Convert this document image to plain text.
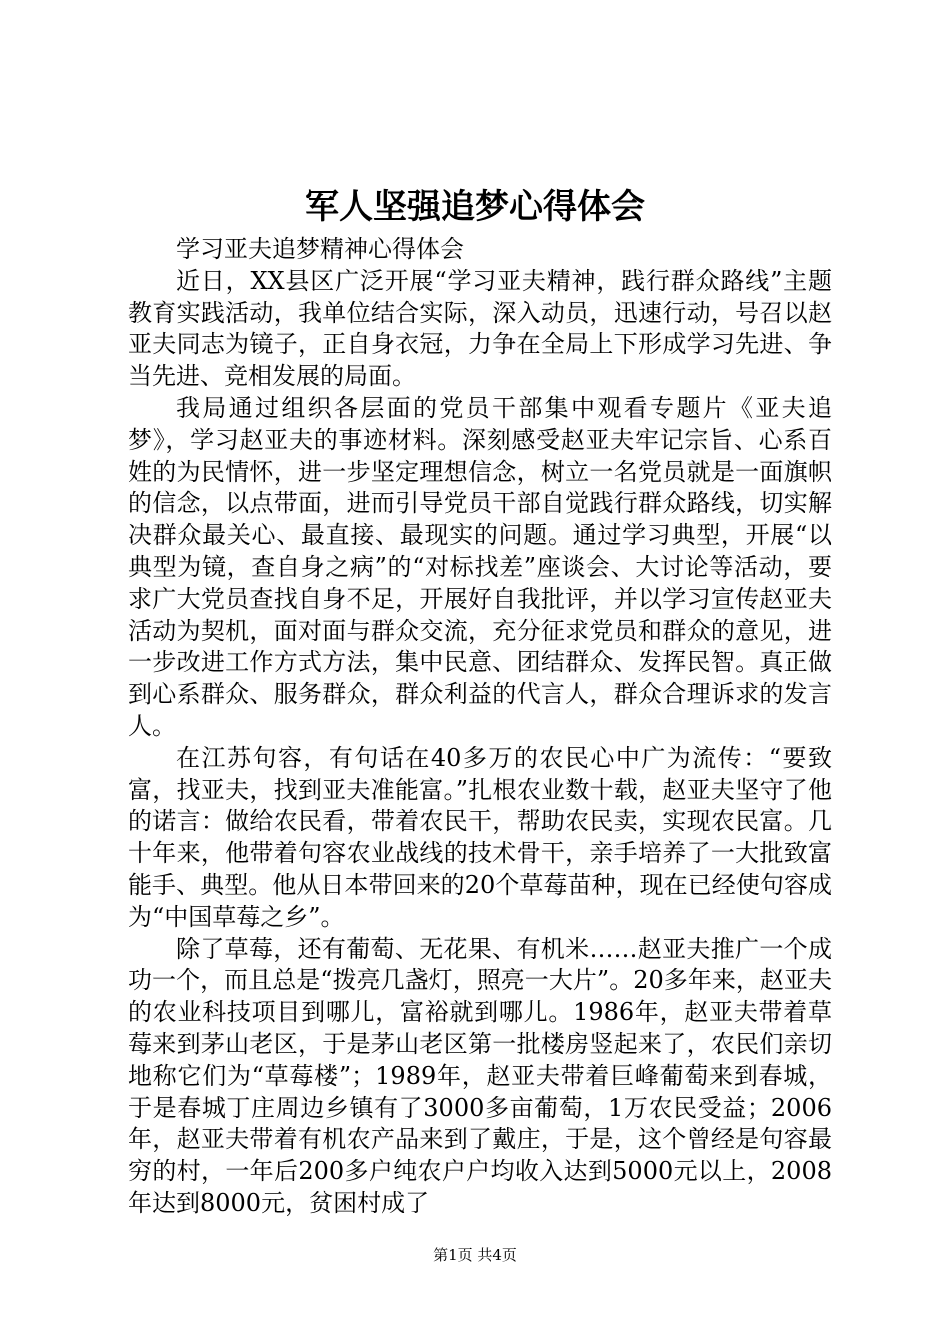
军人坚强追梦心得体会

学习亚夫追梦精神心得体会

近日，XX县区广泛开展“学习亚夫精神，践行群众路线”主题教育实践活动，我单位结合实际，深入动员，迅速行动，号召以赵亚夫同志为镜子，正自身衣冠，力争在全局上下形成学习先进、争当先进、竞相发展的局面。

我局通过组织各层面的党员干部集中观看专题片《亚夫追梦》，学习赵亚夫的事迹材料。深刻感受赵亚夫牢记宗旨、心系百姓的为民情怀，进一步坚定理想信念，树立一名党员就是一面旗帜的信念，以点带面，进而引导党员干部自觉践行群众路线，切实解决群众最关心、最直接、最现实的问题。通过学习典型，开展“以典型为镜，查自身之病”的“对标找差”座谈会、大讨论等活动，要求广大党员查找自身不足，开展好自我批评，并以学习宣传赵亚夫活动为契机，面对面与群众交流，充分征求党员和群众的意见，进一步改进工作方式方法，集中民意、团结群众、发挥民智。真正做到心系群众、服务群众，群众利益的代言人，群众合理诉求的发言人。

在江苏句容，有句话在40多万的农民心中广为流传：“要致富，找亚夫，找到亚夫准能富。”扎根农业数十载，赵亚夫坚守了他的诺言：做给农民看，带着农民干，帮助农民卖，实现农民富。几十年来，他带着句容农业战线的技术骨干，亲手培养了一大批致富能手、典型。他从日本带回来的20个草莓苗种，现在已经使句容成为“中国草莓之乡”。

除了草莓，还有葡萄、无花果、有机米……赵亚夫推广一个成功一个，而且总是“拨亮几盏灯，照亮一大片”。20多年来，赵亚夫的农业科技项目到哪儿，富裕就到哪儿。1986年，赵亚夫带着草莓来到茅山老区，于是茅山老区第一批楼房竖起来了，农民们亲切地称它们为“草莓楼”；1989年，赵亚夫带着巨峰葡萄来到春城，于是春城丁庄周边乡镇有了3000多亩葡萄，1万农民受益；2006年，赵亚夫带着有机农产品来到了戴庄，于是，这个曾经是句容最穷的村，一年后200多户纯农户户均收入达到5000元以上，2008年达到8000元，贫困村成了

第1页 共4页
